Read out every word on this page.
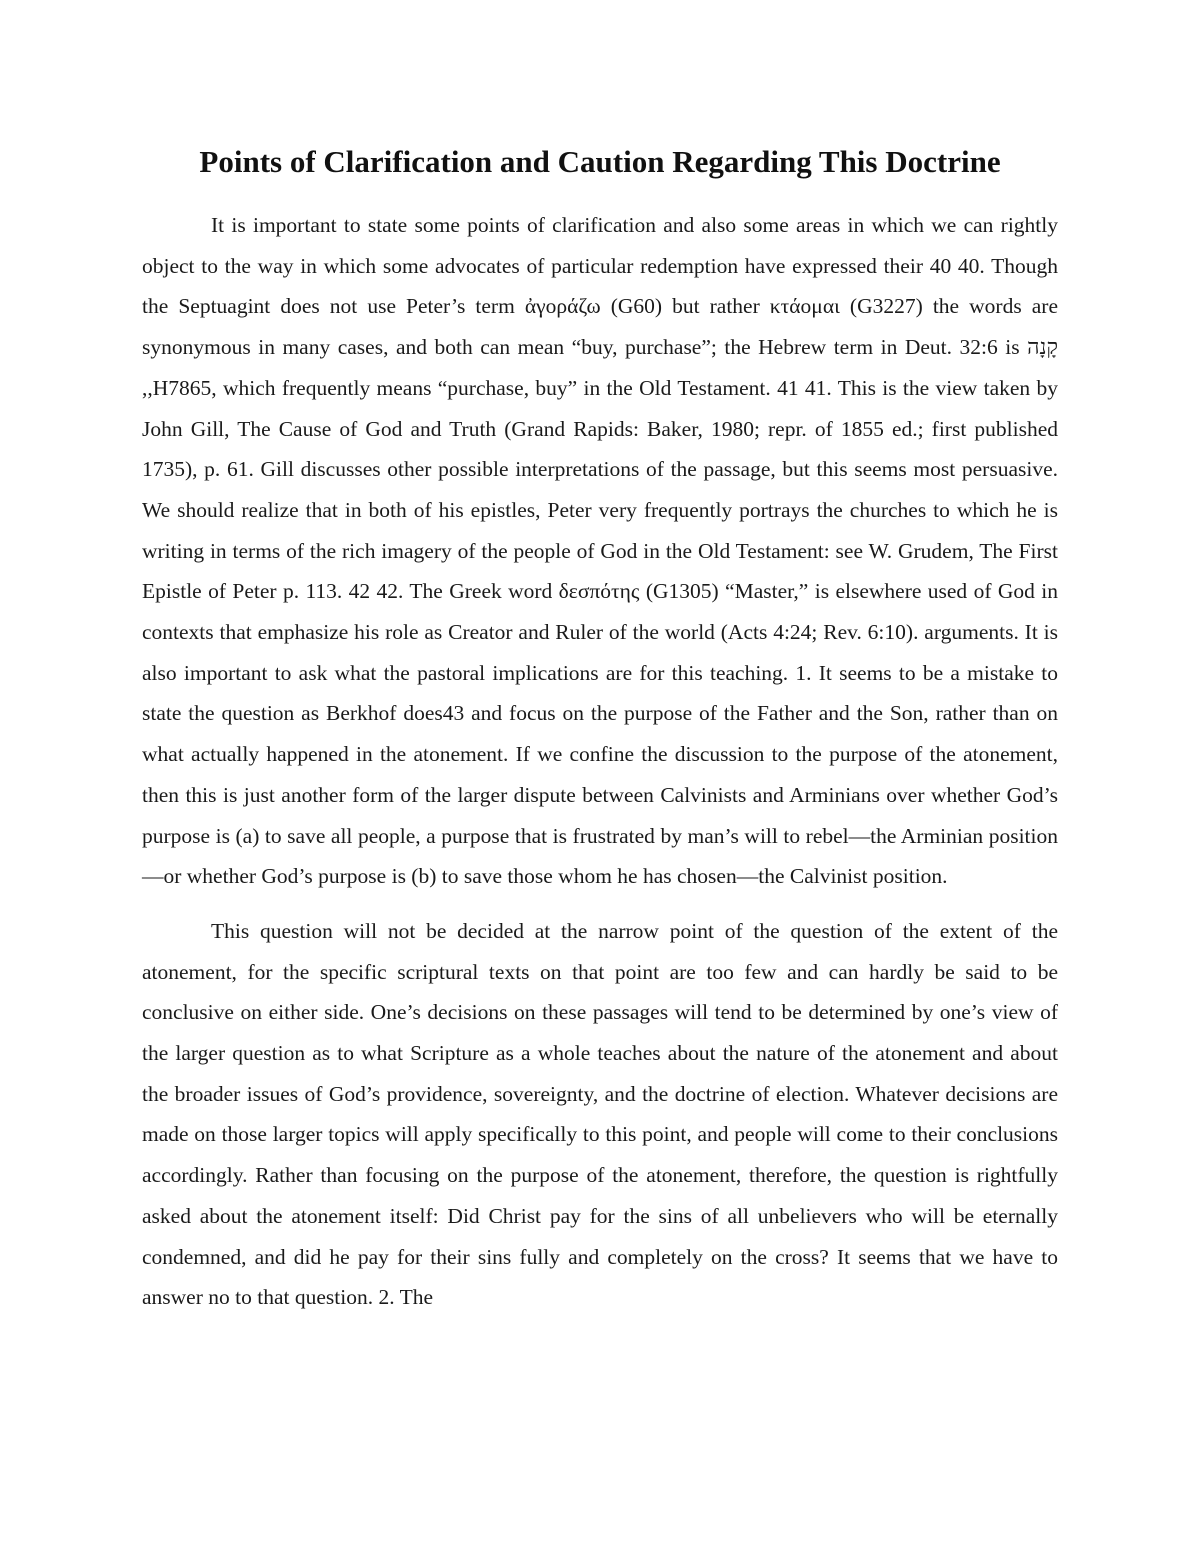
Points of Clarification and Caution Regarding This Doctrine

It is important to state some points of clarification and also some areas in which we can rightly object to the way in which some advocates of particular redemption have expressed their 40 40. Though the Septuagint does not use Peter’s term ἀγοράζω (G60) but rather κτάομαι (G3227) the words are synonymous in many cases, and both can mean “buy, purchase”; the Hebrew term in Deut. 32:6 is קָנָה ,,H7865, which frequently means “purchase, buy” in the Old Testament. 41 41. This is the view taken by John Gill, The Cause of God and Truth (Grand Rapids: Baker, 1980; repr. of 1855 ed.; first published 1735), p. 61. Gill discusses other possible interpretations of the passage, but this seems most persuasive. We should realize that in both of his epistles, Peter very frequently portrays the churches to which he is writing in terms of the rich imagery of the people of God in the Old Testament: see W. Grudem, The First Epistle of Peter p. 113. 42 42. The Greek word δεσπότης (G1305) “Master,” is elsewhere used of God in contexts that emphasize his role as Creator and Ruler of the world (Acts 4:24; Rev. 6:10). arguments. It is also important to ask what the pastoral implications are for this teaching. 1. It seems to be a mistake to state the question as Berkhof does43 and focus on the purpose of the Father and the Son, rather than on what actually happened in the atonement. If we confine the discussion to the purpose of the atonement, then this is just another form of the larger dispute between Calvinists and Arminians over whether God’s purpose is (a) to save all people, a purpose that is frustrated by man’s will to rebel—the Arminian position—or whether God’s purpose is (b) to save those whom he has chosen—the Calvinist position.

This question will not be decided at the narrow point of the question of the extent of the atonement, for the specific scriptural texts on that point are too few and can hardly be said to be conclusive on either side. One’s decisions on these passages will tend to be determined by one’s view of the larger question as to what Scripture as a whole teaches about the nature of the atonement and about the broader issues of God’s providence, sovereignty, and the doctrine of election. Whatever decisions are made on those larger topics will apply specifically to this point, and people will come to their conclusions accordingly. Rather than focusing on the purpose of the atonement, therefore, the question is rightfully asked about the atonement itself: Did Christ pay for the sins of all unbelievers who will be eternally condemned, and did he pay for their sins fully and completely on the cross? It seems that we have to answer no to that question. 2. The
